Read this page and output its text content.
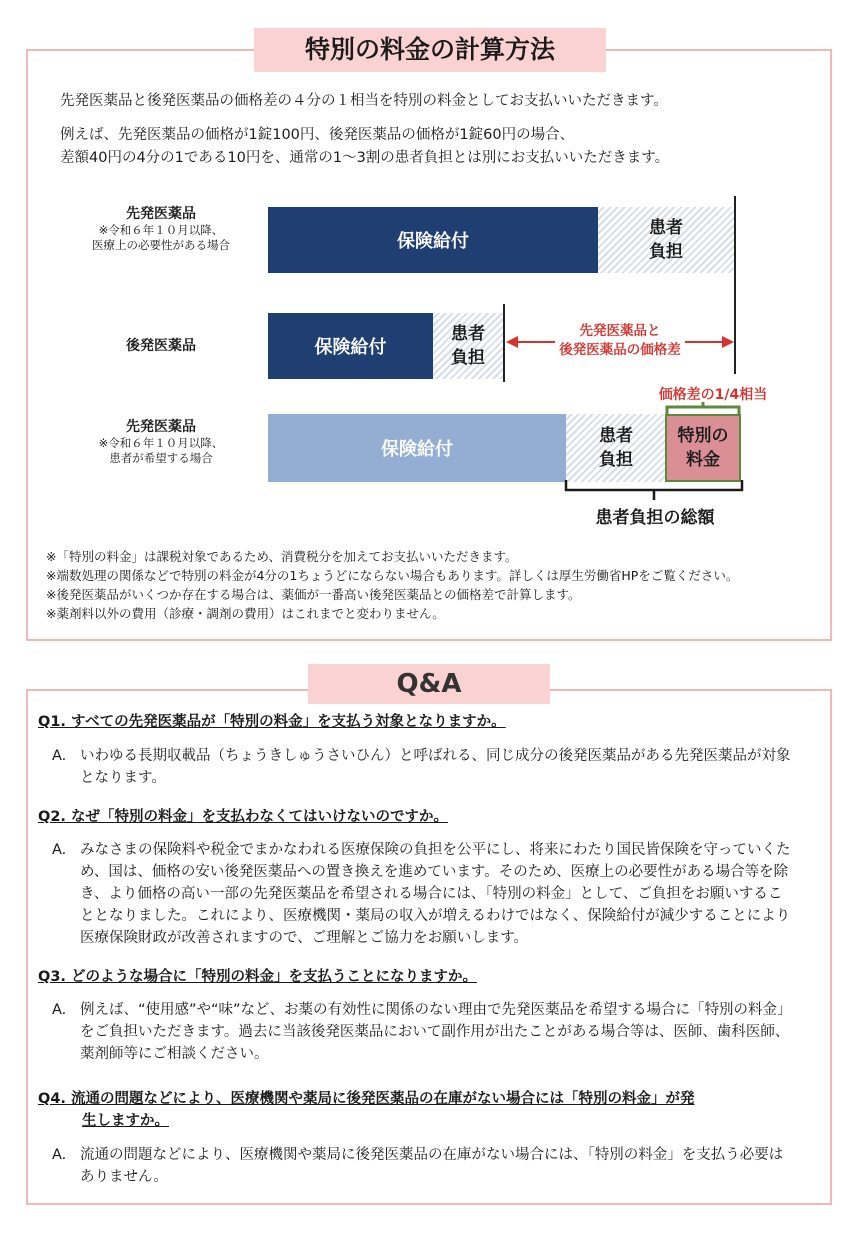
特別の料金の計算方法
先発医薬品と後発医薬品の価格差の４分の１相当を特別の料金としてお支払いいただきます。
例えば、先発医薬品の価格が1錠100円、後発医薬品の価格が1錠60円の場合、
差額40円の4分の1である10円を、通常の1～3割の患者負担とは別にお支払いいただきます。
先発医薬品
※令和６年１０月以降、
医療上の必要性がある場合	保険給付
患者
負担
後発医薬品	保険給付
患者
負担
先発医薬品と
後発医薬品の価格差
価格差の1/4相当
先発医薬品
※令和６年１０月以降、
患者が希望する場合	保険給付
患者
負担
特別の
料金
患者負担の総額
※「特別の料金」は課税対象であるため、消費税分を加えてお支払いいただきます。
※端数処理の関係などで特別の料金が4分の1ちょうどにならない場合もあります。詳しくは厚生労働省HPをご覧ください。
※後発医薬品がいくつか存在する場合は、薬価が一番高い後発医薬品との価格差で計算します。
※薬剤料以外の費用（診療・調剤の費用）はこれまでと変わりません。
Q&A
Q1. すべての先発医薬品が「特別の料金」を支払う対象となりますか。
A. いわゆる長期収載品（ちょうきしゅうさいひん）と呼ばれる、同じ成分の後発医薬品がある先発医薬品が対象となります。
Q2. なぜ「特別の料金」を支払わなくてはいけないのですか。
A. みなさまの保険料や税金でまかなわれる医療保険の負担を公平にし、将来にわたり国民皆保険を守っていくため、国は、価格の安い後発医薬品への置き換えを進めています。そのため、医療上の必要性がある場合等を除き、より価格の高い一部の先発医薬品を希望される場合には、「特別の料金」として、ご負担をお願いすることとなりました。これにより、医療機関・薬局の収入が増えるわけではなく、保険給付が減少することにより医療保険財政が改善されますので、ご理解とご協力をお願いします。
Q3. どのような場合に「特別の料金」を支払うことになりますか。
A. 例えば、“使用感”や“味”など、お薬の有効性に関係のない理由で先発医薬品を希望する場合に「特別の料金」をご負担いただきます。過去に当該後発医薬品において副作用が出たことがある場合等は、医師、歯科医師、薬剤師等にご相談ください。
Q4. 流通の問題などにより、医療機関や薬局に後発医薬品の在庫がない場合には「特別の料金」が発
生しますか。
A. 流通の問題などにより、医療機関や薬局に後発医薬品の在庫がない場合には、「特別の料金」を支払う必要はありません。
